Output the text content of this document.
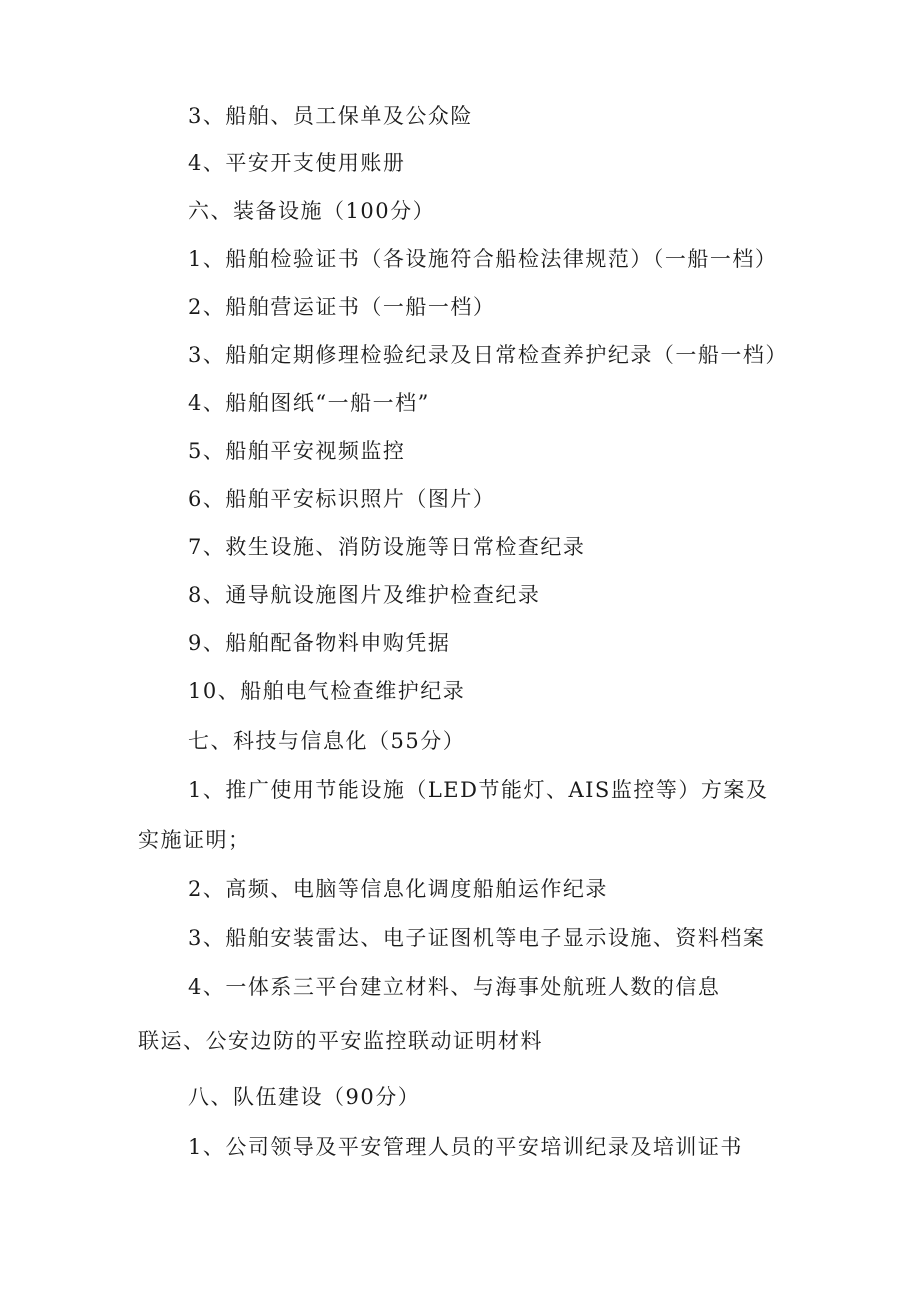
3、船舶、员工保单及公众险
4、平安开支使用账册
六、装备设施（100分）
1、船舶检验证书（各设施符合船检法律规范）（一船一档）
2、船舶营运证书（一船一档）
3、船舶定期修理检验纪录及日常检查养护纪录（一船一档）
4、船舶图纸“一船一档”
5、船舶平安视频监控
6、船舶平安标识照片（图片）
7、救生设施、消防设施等日常检查纪录
8、通导航设施图片及维护检查纪录
9、船舶配备物料申购凭据
10、船舶电气检查维护纪录
七、科技与信息化（55分）
1、推广使用节能设施（LED节能灯、AIS监控等）方案及
实施证明；
2、高频、电脑等信息化调度船舶运作纪录
3、船舶安装雷达、电子证图机等电子显示设施、资料档案
4、一体系三平台建立材料、与海事处航班人数的信息
联运、公安边防的平安监控联动证明材料
八、队伍建设（90分）
1、公司领导及平安管理人员的平安培训纪录及培训证书
